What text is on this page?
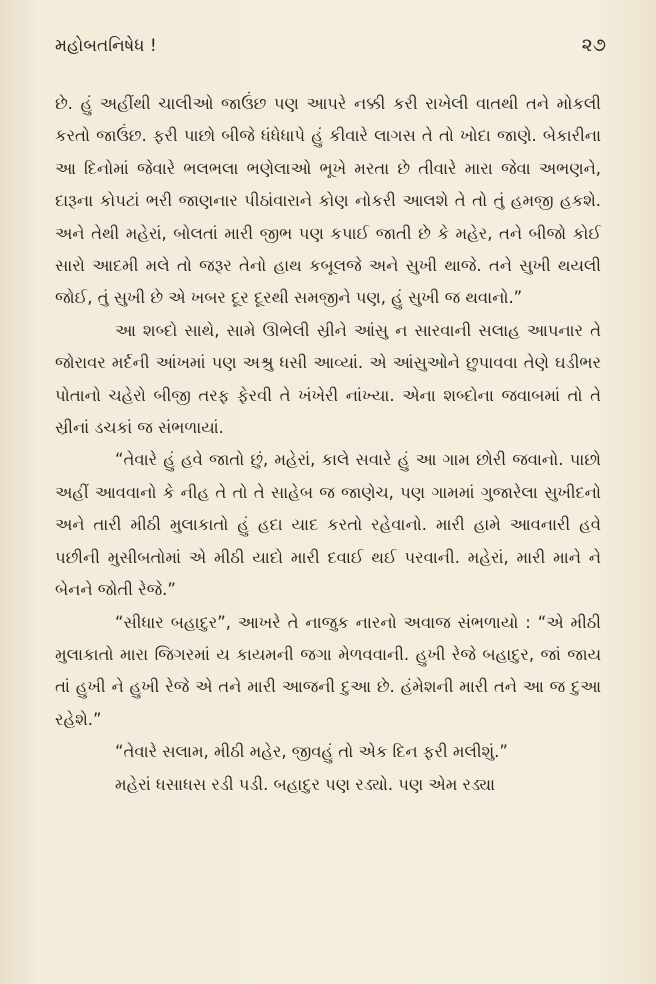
મહોબતનિષેધ !	૨૭

છે. હું અહીંથી ચાલીઓ જાઉંછ પણ આપરે નક્કી કરી રાખેલી વાતથી તને મોકલી કરતો જાઉંછ. ફરી પાછો બીજે ધંધેધાપે હું કીવારે લાગસ તે તો ખોદા જાણે. બેકારીના આ દિનોમાં જેવારે ભલભલા ભણેલાઓ ભૂખે મરતા છે તીવારે મારા જેવા અભણને, દારૂના કોપટાં ભરી જાણનાર પીઠાંવારાને કોણ નોકરી આલશે તે તો તું હમજી હકશે. અને તેથી મહેરાં, બોલતાં મારી જીભ પણ કપાઈ જાતી છે કે મહેર, તને બીજો કોઈ સારો આદમી મલે તો જરૂર તેનો હાથ કબૂલજે અને સુખી થાજે. તને સુખી થયલી જોઈ, તું સુખી છે એ ખબર દૂર દૂરથી સમજીને પણ, હું સુખી જ થવાનો.”

આ શબ્દો સાથે, સામે ઊભેલી સ્રીને આંસુ ન સારવાની સલાહ આપનાર તે જોરાવર મર્દની આંખમાં પણ અશ્રુ ધસી આવ્યાં. એ આંસુઓને છુપાવવા તેણે ઘડીભર પોતાનો ચહેરો બીજી તરફ ફેરવી તે ખંખેરી નાંખ્યા. એના શબ્દોના જવાબમાં તો તે સ્રીનાં ડચકાં જ સંભળાયાં.

“તેવારે હું હવે જાતો છું, મહેરાં, કાલે સવારે હું આ ગામ છોરી જવાનો. પાછો અહીં આવવાનો કે નીહ તે તો તે સાહેબ જ જાણેચ, પણ ગામમાં ગુજારેલા સુખીદનો અને તારી મીઠી મુલાકાતો હું હદા યાદ કરતો રહેવાનો. મારી હામે આવનારી હવે પછીની મુસીબતોમાં એ મીઠી યાદો મારી દવાઈ થઈ પરવાની. મહેરાં, મારી માને ને બેનને જોતી રેજે.”

“સીધાર બહાદુર”, આખરે તે નાજુક નારનો અવાજ સંભળાયો : “એ મીઠી મુલાકાતો મારા જિગરમાં ય કાયમની જગા મેળવવાની. હુખી રેજે બહાદુર, જાં જાય તાં હુખી ને હુખી રેજે એ તને મારી આજની દુઆ છે. હંમેશની મારી તને આ જ દુઆ રહેશે.”

“તેવારે સલામ, મીઠી મહેર, જીવહું તો એક દિન ફરી મલીશું.”

મહેરાં ધસાધસ રડી પડી. બહાદુર પણ રડ્યો. પણ એમ રડ્યા
